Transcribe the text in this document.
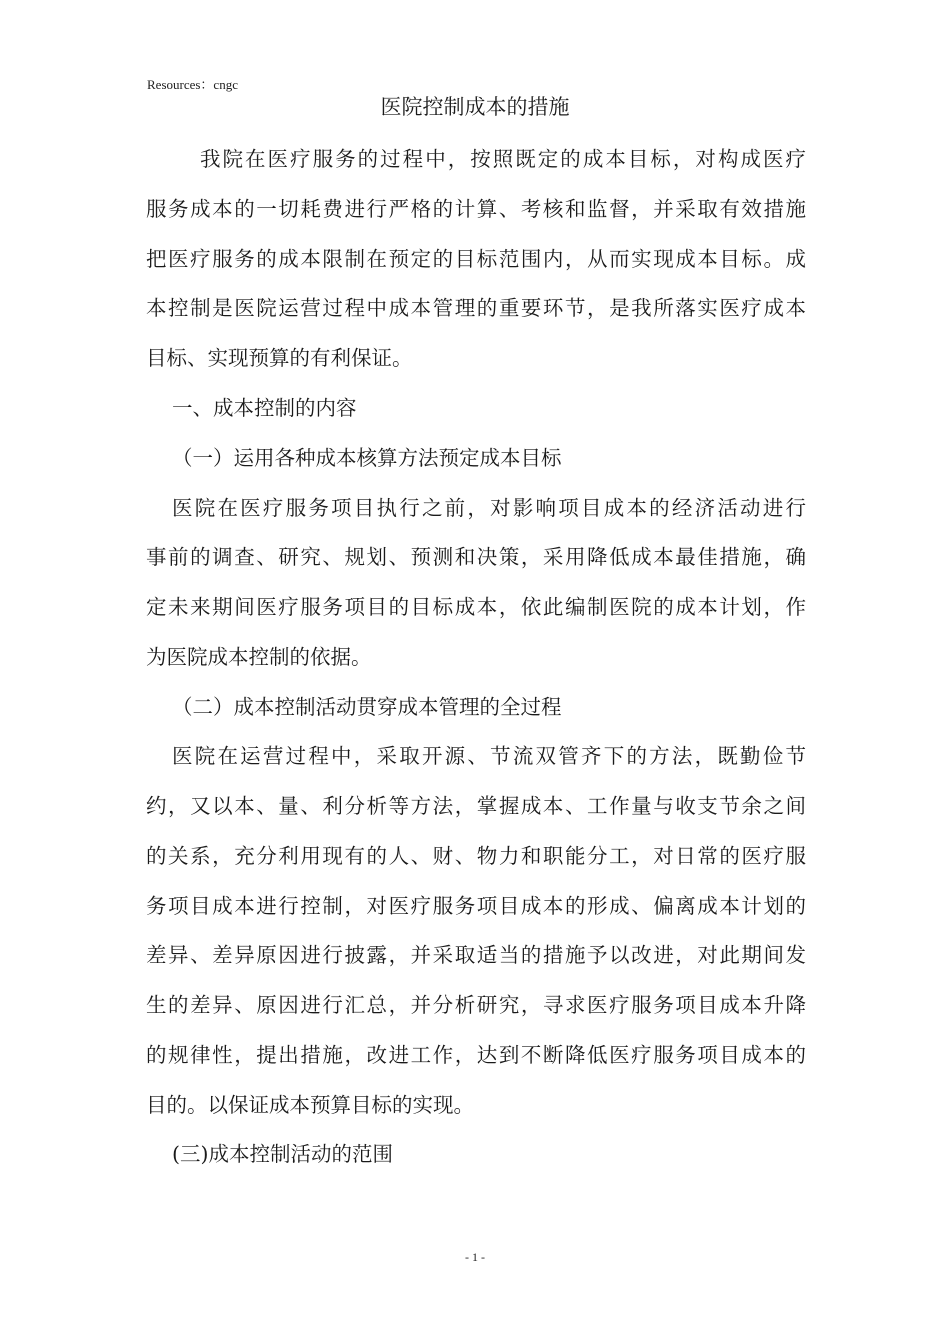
Resources：cngc
医院控制成本的措施
我院在医疗服务的过程中，按照既定的成本目标，对构成医疗
服务成本的一切耗费进行严格的计算、考核和监督，并采取有效措施
把医疗服务的成本限制在预定的目标范围内，从而实现成本目标。成
本控制是医院运营过程中成本管理的重要环节，是我所落实医疗成本
目标、实现预算的有利保证。
一、成本控制的内容
（一）运用各种成本核算方法预定成本目标
医院在医疗服务项目执行之前，对影响项目成本的经济活动进行
事前的调查、研究、规划、预测和决策，采用降低成本最佳措施，确
定未来期间医疗服务项目的目标成本，依此编制医院的成本计划，作
为医院成本控制的依据。
（二）成本控制活动贯穿成本管理的全过程
医院在运营过程中，采取开源、节流双管齐下的方法，既勤俭节
约，又以本、量、利分析等方法，掌握成本、工作量与收支节余之间
的关系，充分利用现有的人、财、物力和职能分工，对日常的医疗服
务项目成本进行控制，对医疗服务项目成本的形成、偏离成本计划的
差异、差异原因进行披露，并采取适当的措施予以改进，对此期间发
生的差异、原因进行汇总，并分析研究，寻求医疗服务项目成本升降
的规律性，提出措施，改进工作，达到不断降低医疗服务项目成本的
目的。以保证成本预算目标的实现。
(三)成本控制活动的范围
- 1 -
